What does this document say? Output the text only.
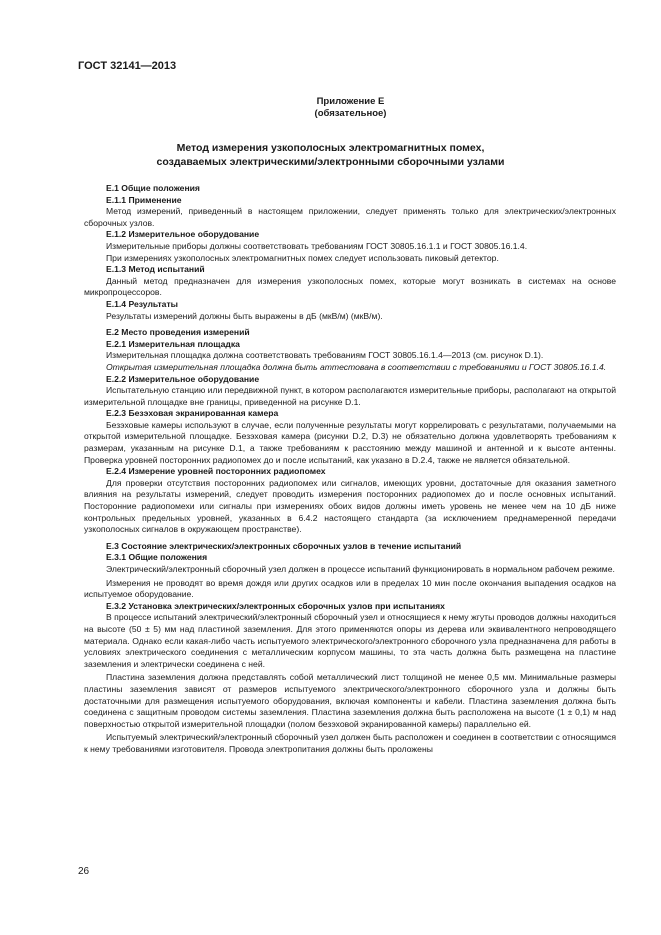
ГОСТ 32141—2013
Приложение Е
(обязательное)
Метод измерения узкополосных электромагнитных помех,
создаваемых электрическими/электронными сборочными узлами
Е.1 Общие положения
Е.1.1 Применение

Метод измерений, приведенный в настоящем приложении, следует применять только для электрических/электронных сборочных узлов.

Е.1.2 Измерительное оборудование

Измерительные приборы должны соответствовать требованиям ГОСТ 30805.16.1.1 и ГОСТ 30805.16.1.4.

При измерениях узкополосных электромагнитных помех следует использовать пиковый детектор.

Е.1.3 Метод испытаний

Данный метод предназначен для измерения узкополосных помех, которые могут возникать в системах на основе микропроцессоров.

Е.1.4 Результаты

Результаты измерений должны быть выражены в дБ (мкВ/м) (мкВ/м).

Е.2 Место проведения измерений
Е.2.1 Измерительная площадка

Измерительная площадка должна соответствовать требованиям ГОСТ 30805.16.1.4—2013 (см. рисунок D.1).

Открытая измерительная площадка должна быть аттестована в соответствии с требованиями и ГОСТ 30805.16.1.4.

Е.2.2 Измерительное оборудование

Испытательную станцию или передвижной пункт, в котором располагаются измерительные приборы, располагают на открытой измерительной площадке вне границы, приведенной на рисунке D.1.

Е.2.3 Безэховая экранированная камера

Безэховые камеры используют в случае, если полученные результаты могут коррелировать с результатами, получаемыми на открытой измерительной площадке. Безэховая камера (рисунки D.2, D.3) не обязательно должна удовлетворять требованиям к размерам, указанным на рисунке D.1, а также требованиям к расстоянию между машиной и антенной и к высоте антенны. Проверка уровней посторонних радиопомех до и после испытаний, как указано в D.2.4, также не является обязательной.

Е.2.4 Измерение уровней посторонних радиопомех

Для проверки отсутствия посторонних радиопомех или сигналов, имеющих уровни, достаточные для оказания заметного влияния на результаты измерений, следует проводить измерения посторонних радиопомех до и после основных испытаний. Посторонние радиопомехи или сигналы при измерениях обоих видов должны иметь уровень не менее чем на 10 дБ ниже контрольных предельных уровней, указанных в 6.4.2 настоящего стандарта (за исключением преднамеренной передачи узкополосных сигналов в окружающем пространстве).

Е.3 Состояние электрических/электронных сборочных узлов в течение испытаний
Е.3.1 Общие положения

Электрический/электронный сборочный узел должен в процессе испытаний функционировать в нормальном рабочем режиме.

Измерения не проводят во время дождя или других осадков или в пределах 10 мин после окончания выпадения осадков на испытуемое оборудование.

Е.3.2 Установка электрических/электронных сборочных узлов при испытаниях

В процессе испытаний электрический/электронный сборочный узел и относящиеся к нему жгуты проводов должны находиться на высоте (50 ± 5) мм над пластиной заземления. Для этого применяются опоры из дерева или эквивалентного непроводящего материала. Однако если какая-либо часть испытуемого электрического/электронного сборочного узла предназначена для работы в условиях электрического соединения с металлическим корпусом машины, то эта часть должна быть размещена на пластине заземления и электрически соединена с ней.

Пластина заземления должна представлять собой металлический лист толщиной не менее 0,5 мм. Минимальные размеры пластины заземления зависят от размеров испытуемого электрического/электронного сборочного узла и должны быть достаточными для размещения испытуемого оборудования, включая компоненты и кабели. Пластина заземления должна быть соединена с защитным проводом системы заземления. Пластина заземления должна быть расположена на высоте (1 ± 0,1) м над поверхностью открытой измерительной площадки (полом безэховой экранированной камеры) параллельно ей.

Испытуемый электрический/электронный сборочный узел должен быть расположен и соединен в соответствии с относящимся к нему требованиями изготовителя. Провода электропитания должны быть проложены

26
